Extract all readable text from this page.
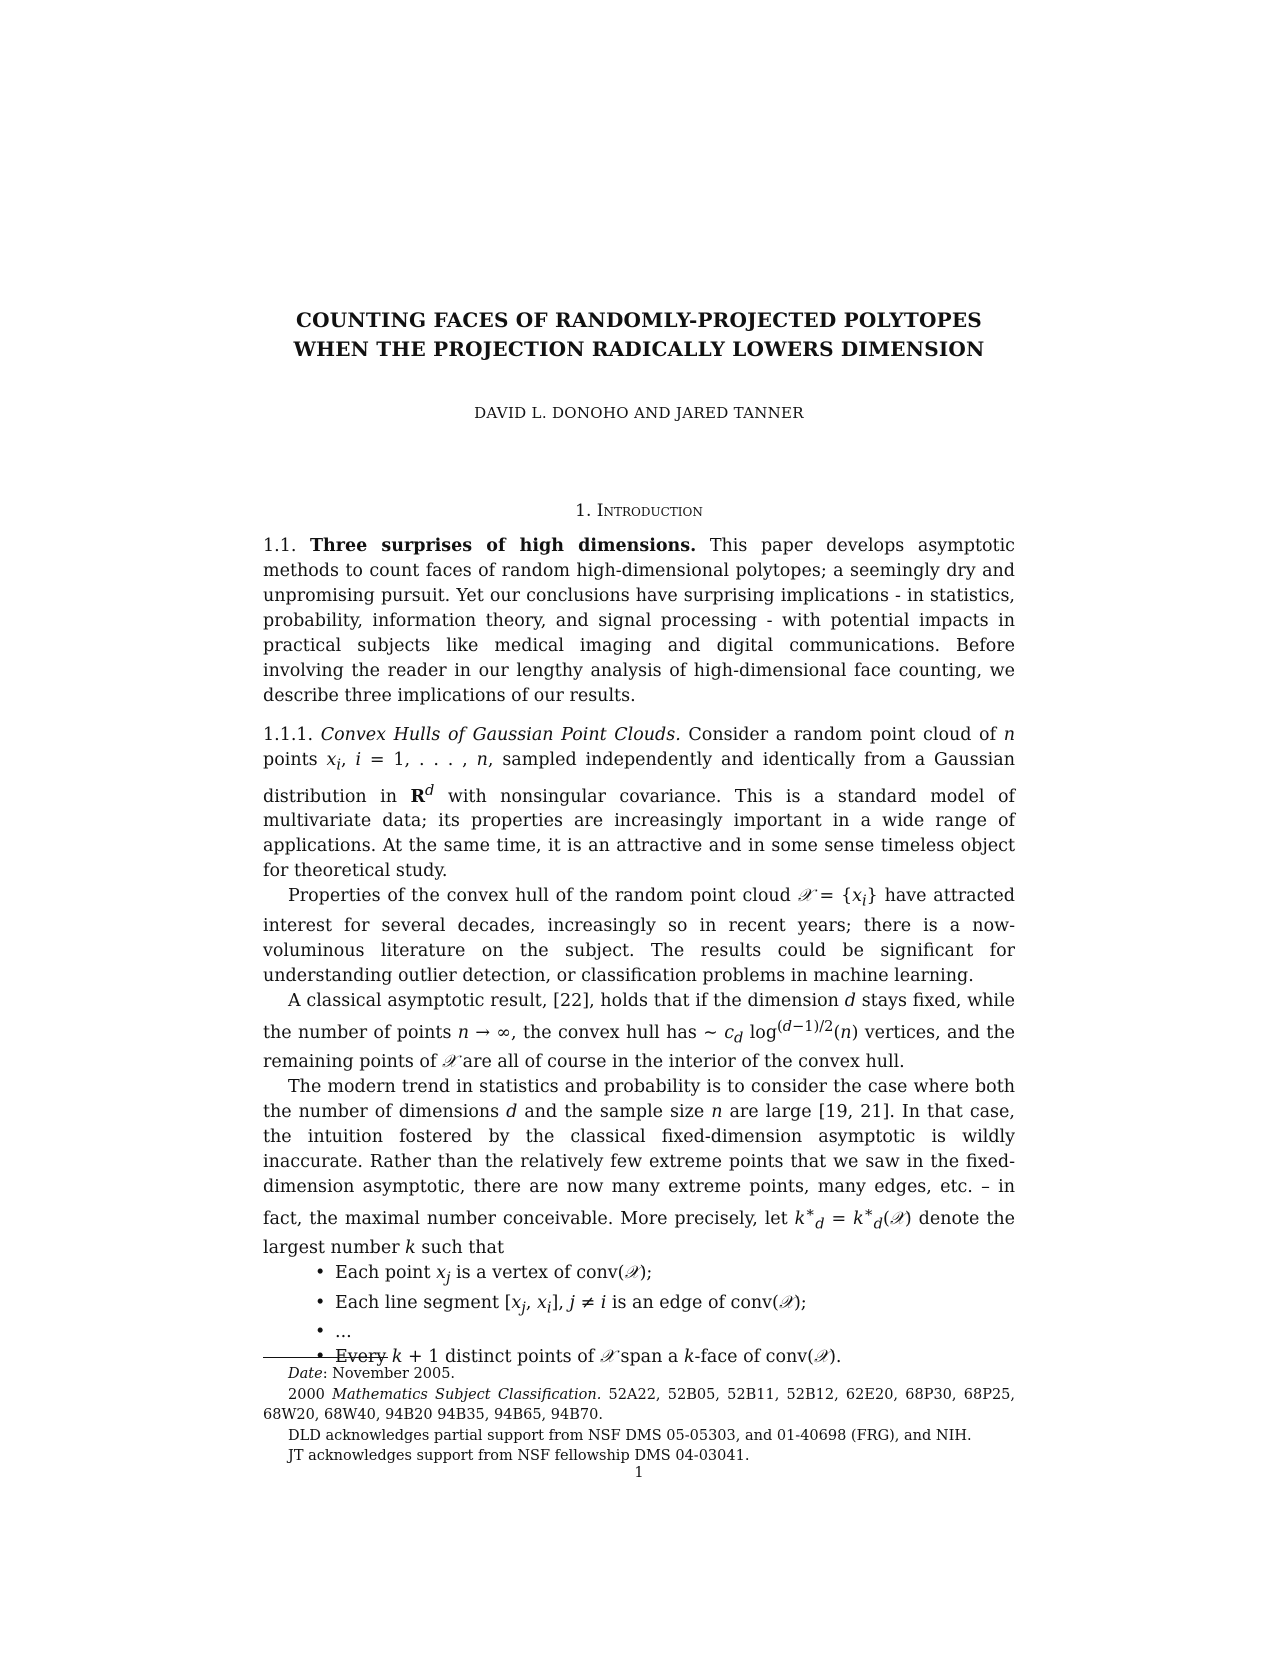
COUNTING FACES OF RANDOMLY-PROJECTED POLYTOPES
WHEN THE PROJECTION RADICALLY LOWERS DIMENSION
DAVID L. DONOHO AND JARED TANNER
1. Introduction

1.1. Three surprises of high dimensions. This paper develops asymptotic methods to count faces of random high-dimensional polytopes; a seemingly dry and unpromising pursuit. Yet our conclusions have surprising implications - in statistics, probability, information theory, and signal processing - with potential impacts in practical subjects like medical imaging and digital communications. Before involving the reader in our lengthy analysis of high-dimensional face counting, we describe three implications of our results.

1.1.1. Convex Hulls of Gaussian Point Clouds. Consider a random point cloud of n points $x_i$, i = 1, . . . , n, sampled independently and identically from a Gaussian distribution in $R^d$ with nonsingular covariance. This is a standard model of multivariate data; its properties are increasingly important in a wide range of applications. At the same time, it is an attractive and in some sense timeless object for theoretical study.

Properties of the convex hull of the random point cloud 𝒳 = $\{x_i\}$ have attracted interest for several decades, increasingly so in recent years; there is a now-voluminous literature on the subject. The results could be significant for understanding outlier detection, or classification problems in machine learning.

A classical asymptotic result, [22], holds that if the dimension d stays fixed, while the number of points n → ∞, the convex hull has ∼ $c_d$ $\log^{(d-1)/2}(n)$ vertices, and the remaining points of 𝒳 are all of course in the interior of the convex hull.

The modern trend in statistics and probability is to consider the case where both the number of dimensions d and the sample size n are large [19, 21]. In that case, the intuition fostered by the classical fixed-dimension asymptotic is wildly inaccurate. Rather than the relatively few extreme points that we saw in the fixed-dimension asymptotic, there are now many extreme points, many edges, etc. – in fact, the maximal number conceivable. More precisely, let $k^∗_d$ = $k^∗_d(𝒳)$ denote the largest number k such that

• Each point $x_j$ is a vertex of conv(𝒳);
• Each line segment [$x_j$, $x_i$], j ≠ i is an edge of conv(𝒳);
• ...
• Every k + 1 distinct points of 𝒳 span a k-face of conv(𝒳).

Date: November 2005.

2000 Mathematics Subject Classification. 52A22, 52B05, 52B11, 52B12, 62E20, 68P30, 68P25, 68W20, 68W40, 94B20 94B35, 94B65, 94B70.

DLD acknowledges partial support from NSF DMS 05-05303, and 01-40698 (FRG), and NIH.

JT acknowledges support from NSF fellowship DMS 04-03041.

1
